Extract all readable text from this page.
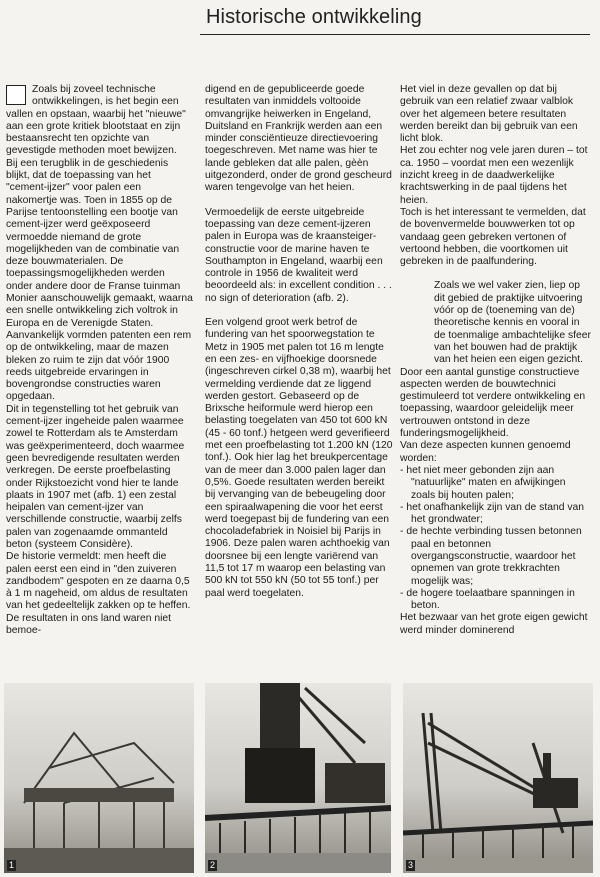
Historische ontwikkeling

Zoals bij zoveel technische ontwikkelingen, is het begin een vallen en opstaan, waarbij het "nieuwe" aan een grote kritiek blootstaat en zijn bestaansrecht ten opzichte van gevestigde methoden moet bewijzen.

Bij een terugblik in de geschiedenis blijkt, dat de toepassing van het "cement-ijzer" voor palen een nakomertje was. Toen in 1855 op de Parijse tentoonstelling een bootje van cement-ijzer werd geëxposeerd vermoedde niemand de grote mogelijkheden van de combinatie van deze bouwmaterialen. De toepassingsmogelijkheden werden onder andere door de Franse tuinman Monier aanschouwelijk gemaakt, waarna een snelle ontwikkeling zich voltrok in Europa en de Verenigde Staten. Aanvankelijk vormden patenten een rem op de ontwikkeling, maar de mazen bleken zo ruim te zijn dat vóór 1900 reeds uitgebreide ervaringen in bovengrondse constructies waren opgedaan.

Dit in tegenstelling tot het gebruik van cement-ijzer ingeheide palen waarmee zowel te Rotterdam als te Amsterdam was geëxperimenteerd, doch waarmee geen bevredigende resultaten werden verkregen. De eerste proefbelasting onder Rijkstoezicht vond hier te lande plaats in 1907 met (afb. 1) een zestal heipalen van cement-ijzer van verschillende constructie, waarbij zelfs palen van zogenaamde ommanteld beton (systeem Considère).

De historie vermeldt: men heeft die palen eerst een eind in "den zuiveren zandbodem" gespoten en ze daarna 0,5 à 1 m nageheid, om aldus de resultaten van het gedeeltelijk zakken op te heffen. De resultaten in ons land waren niet bemoe-

digend en de gepubliceerde goede resultaten van inmiddels voltooide omvangrijke heiwerken in Engeland, Duitsland en Frankrijk werden aan een minder consciëntieuze directievoering toegeschreven. Met name was hier te lande gebleken dat alle palen, gèèn uitgezonderd, onder de grond gescheurd waren tengevolge van het heien.

Vermoedelijk de eerste uitgebreide toepassing van deze cement-ijzeren palen in Europa was de kraansteiger-constructie voor de marine haven te Southampton in Engeland, waarbij een controle in 1956 de kwaliteit werd beoordeeld als: in excellent condition . . . no sign of deterioration (afb. 2).

Een volgend groot werk betrof de fundering van het spoorwegstation te Metz in 1905 met palen tot 16 m lengte en een zes- en vijfhoekige doorsnede (ingeschreven cirkel 0,38 m), waarbij het vermelding verdiende dat ze liggend werden gestort. Gebaseerd op de Brixsche heiformule werd hierop een belasting toegelaten van 450 tot 600 kN (45 - 60 tonf.) hetgeen werd geverifieerd met een proefbelasting tot 1.200 kN (120 tonf.). Ook hier lag het breukpercentage van de meer dan 3.000 palen lager dan 0,5%. Goede resultaten werden bereikt bij vervanging van de bebeugeling door een spiraalwapening die voor het eerst werd toegepast bij de fundering van een chocoladefabriek in Noisiel bij Parijs in 1906. Deze palen waren achthoekig van doorsnee bij een lengte variërend van 11,5 tot 17 m waarop een belasting van 500 kN tot 550 kN (50 tot 55 tonf.) per paal werd toegelaten.

Het viel in deze gevallen op dat bij gebruik van een relatief zwaar valblok over het algemeen betere resultaten werden bereikt dan bij gebruik van een licht blok.

Het zou echter nog vele jaren duren – tot ca. 1950 – voordat men een wezenlijk inzicht kreeg in de daadwerkelijke krachtswerking in de paal tijdens het heien.

Toch is het interessant te vermelden, dat de bovenvermelde bouwwerken tot op vandaag geen gebreken vertonen of vertoond hebben, die voortkomen uit gebreken in de paalfundering.

Zoals we wel vaker zien, liep op dit gebied de praktijke uitvoering vóór op de (toeneming van de) theoretische kennis en vooral in de toenmalige ambachtelijke sfeer van het bouwen had de praktijk van het heien een eigen gezicht.

Door een aantal gunstige constructieve aspecten werden de bouwtechnici gestimuleerd tot verdere ontwikkeling en toepassing, waardoor geleidelijk meer vertrouwen ontstond in deze funderingsmogelijkheid.

Van deze aspecten kunnen genoemd worden:

- het niet meer gebonden zijn aan "natuurlijke" maten en afwijkingen zoals bij houten palen;
- het onafhankelijk zijn van de stand van het grondwater;
- de hechte verbinding tussen betonnen paal en betonnen overgangsconstructie, waardoor het opnemen van grote trekkrachten mogelijk was;
- de hogere toelaatbare spanningen in beton.

Het bezwaar van het grote eigen gewicht werd minder dominerend

1	2	3
